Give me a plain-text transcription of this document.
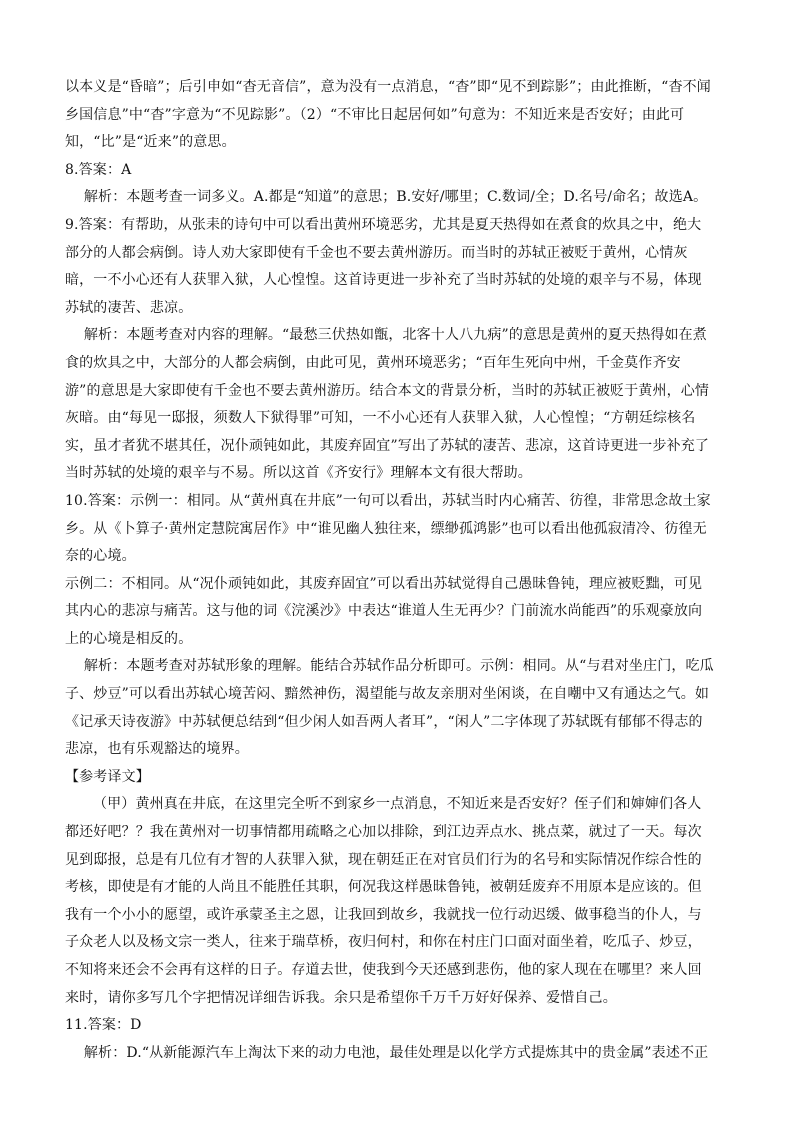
以本义是“昏暗”；后引申如“杳无音信”，意为没有一点消息，“杳”即“见不到踪影”；由此推断，“杳不闻乡国信息”中“杳”字意为“不见踪影”。（2）“不审比日起居何如”句意为：不知近来是否安好；由此可知，“比”是“近来”的意思。

8.答案：A

解析：本题考查一词多义。A.都是“知道”的意思；B.安好/哪里；C.数词/全；D.名号/命名；故选A。

9.答案：有帮助，从张耒的诗句中可以看出黄州环境恶劣，尤其是夏天热得如在煮食的炊具之中，绝大部分的人都会病倒。诗人劝大家即使有千金也不要去黄州游历。而当时的苏轼正被贬于黄州，心情灰暗，一不小心还有人获罪入狱，人心惶惶。这首诗更进一步补充了当时苏轼的处境的艰辛与不易，体现苏轼的凄苦、悲凉。

解析：本题考查对内容的理解。“最愁三伏热如甑，北客十人八九病”的意思是黄州的夏天热得如在煮食的炊具之中，大部分的人都会病倒，由此可见，黄州环境恶劣；“百年生死向中州，千金莫作齐安游”的意思是大家即使有千金也不要去黄州游历。结合本文的背景分析，当时的苏轼正被贬于黄州，心情灰暗。由“每见一邸报，须数人下狱得罪”可知，一不小心还有人获罪入狱，人心惶惶；“方朝廷综核名实，虽才者犹不堪其任，况仆顽钝如此，其废弃固宜”写出了苏轼的凄苦、悲凉，这首诗更进一步补充了当时苏轼的处境的艰辛与不易。所以这首《齐安行》理解本文有很大帮助。

10.答案：示例一：相同。从“黄州真在井底”一句可以看出，苏轼当时内心痛苦、彷徨，非常思念故土家乡。从《卜算子·黄州定慧院寓居作》中“谁见幽人独往来，缥缈孤鸿影”也可以看出他孤寂清冷、彷徨无奈的心境。

示例二：不相同。从“况仆顽钝如此，其废弃固宜”可以看出苏轼觉得自己愚昧鲁钝，理应被贬黜，可见其内心的悲凉与痛苦。这与他的词《浣溪沙》中表达“谁道人生无再少？门前流水尚能西”的乐观豪放向上的心境是相反的。

解析：本题考查对苏轼形象的理解。能结合苏轼作品分析即可。示例：相同。从“与君对坐庄门，吃瓜子、炒豆”可以看出苏轼心境苦闷、黯然神伤，渴望能与故友亲朋对坐闲谈，在自嘲中又有通达之气。如《记承天诗夜游》中苏轼便总结到“但少闲人如吾两人者耳”，“闲人”二字体现了苏轼既有郁郁不得志的悲凉，也有乐观豁达的境界。

【参考译文】

（甲）黄州真在井底，在这里完全听不到家乡一点消息，不知近来是否安好？侄子们和婶婶们各人都还好吧？？我在黄州对一切事情都用疏略之心加以排除，到江边弄点水、挑点菜，就过了一天。每次见到邸报，总是有几位有才智的人获罪入狱，现在朝廷正在对官员们行为的名号和实际情况作综合性的考核，即使是有才能的人尚且不能胜任其职，何况我这样愚昧鲁钝，被朝廷废弃不用原本是应该的。但我有一个小小的愿望，或许承蒙圣主之恩，让我回到故乡，我就找一位行动迟缓、做事稳当的仆人，与子众老人以及杨文宗一类人，往来于瑞草桥，夜归何村，和你在村庄门口面对面坐着，吃瓜子、炒豆，不知将来还会不会再有这样的日子。存道去世，使我到今天还感到悲伤，他的家人现在在哪里？来人回来时，请你多写几个字把情况详细告诉我。余只是希望你千万千万好好保养、爱惜自己。

11.答案：D

解析：D.“从新能源汽车上淘汰下来的动力电池，最佳处理是以化学方式提炼其中的贵金属”表述不正
